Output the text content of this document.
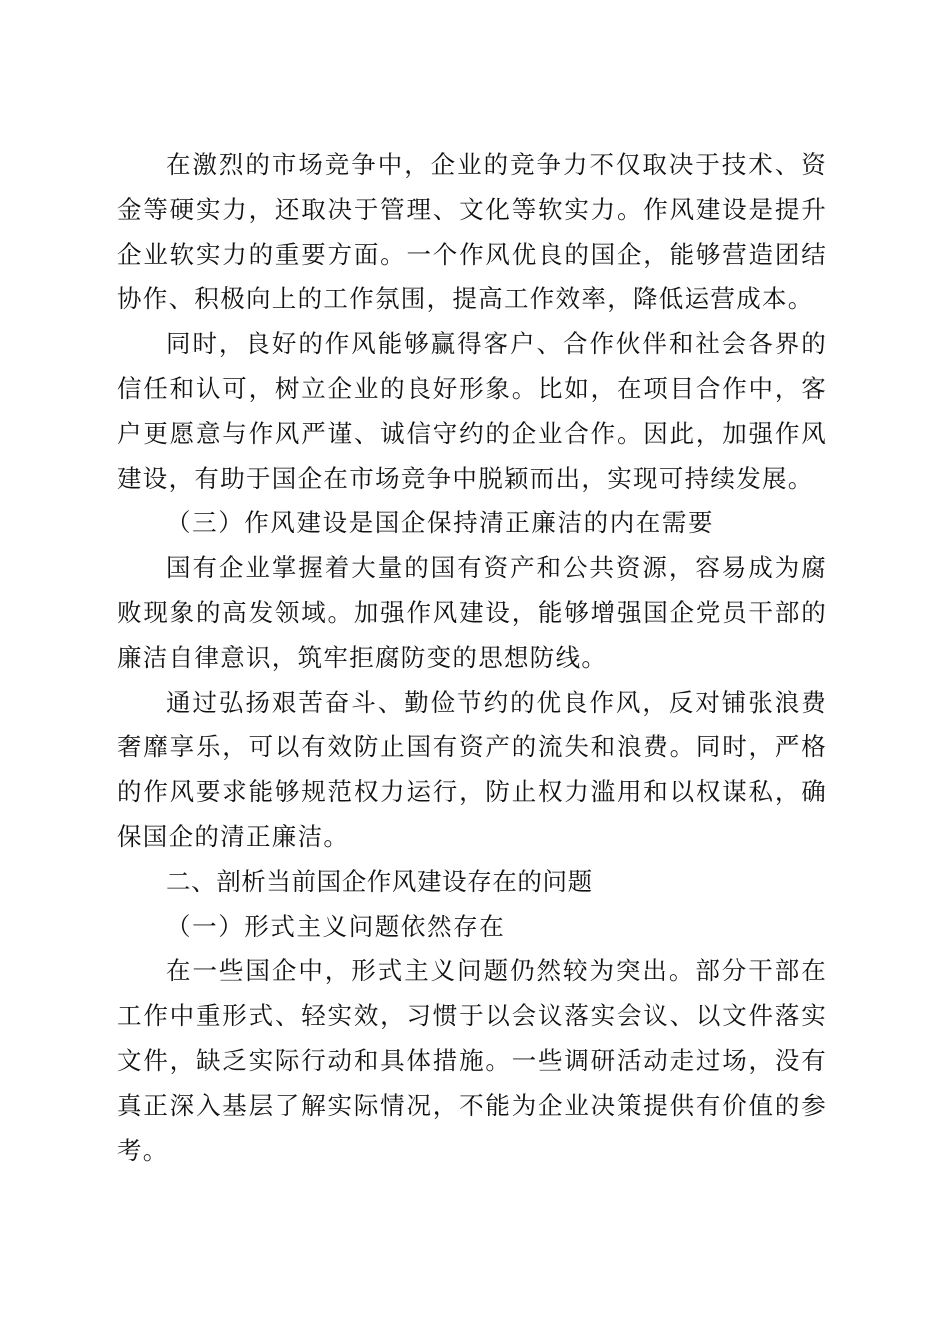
在激烈的市场竞争中，企业的竞争力不仅取决于技术、资金等硬实力，还取决于管理、文化等软实力。作风建设是提升企业软实力的重要方面。一个作风优良的国企，能够营造团结协作、积极向上的工作氛围，提高工作效率，降低运营成本。

同时，良好的作风能够赢得客户、合作伙伴和社会各界的信任和认可，树立企业的良好形象。比如，在项目合作中，客户更愿意与作风严谨、诚信守约的企业合作。因此，加强作风建设，有助于国企在市场竞争中脱颖而出，实现可持续发展。

（三）作风建设是国企保持清正廉洁的内在需要

国有企业掌握着大量的国有资产和公共资源，容易成为腐败现象的高发领域。加强作风建设，能够增强国企党员干部的廉洁自律意识，筑牢拒腐防变的思想防线。

通过弘扬艰苦奋斗、勤俭节约的优良作风，反对铺张浪费奢靡享乐，可以有效防止国有资产的流失和浪费。同时，严格的作风要求能够规范权力运行，防止权力滥用和以权谋私，确保国企的清正廉洁。

二、剖析当前国企作风建设存在的问题

（一）形式主义问题依然存在

在一些国企中，形式主义问题仍然较为突出。部分干部在工作中重形式、轻实效，习惯于以会议落实会议、以文件落实文件，缺乏实际行动和具体措施。一些调研活动走过场，没有真正深入基层了解实际情况，不能为企业决策提供有价值的参考。
